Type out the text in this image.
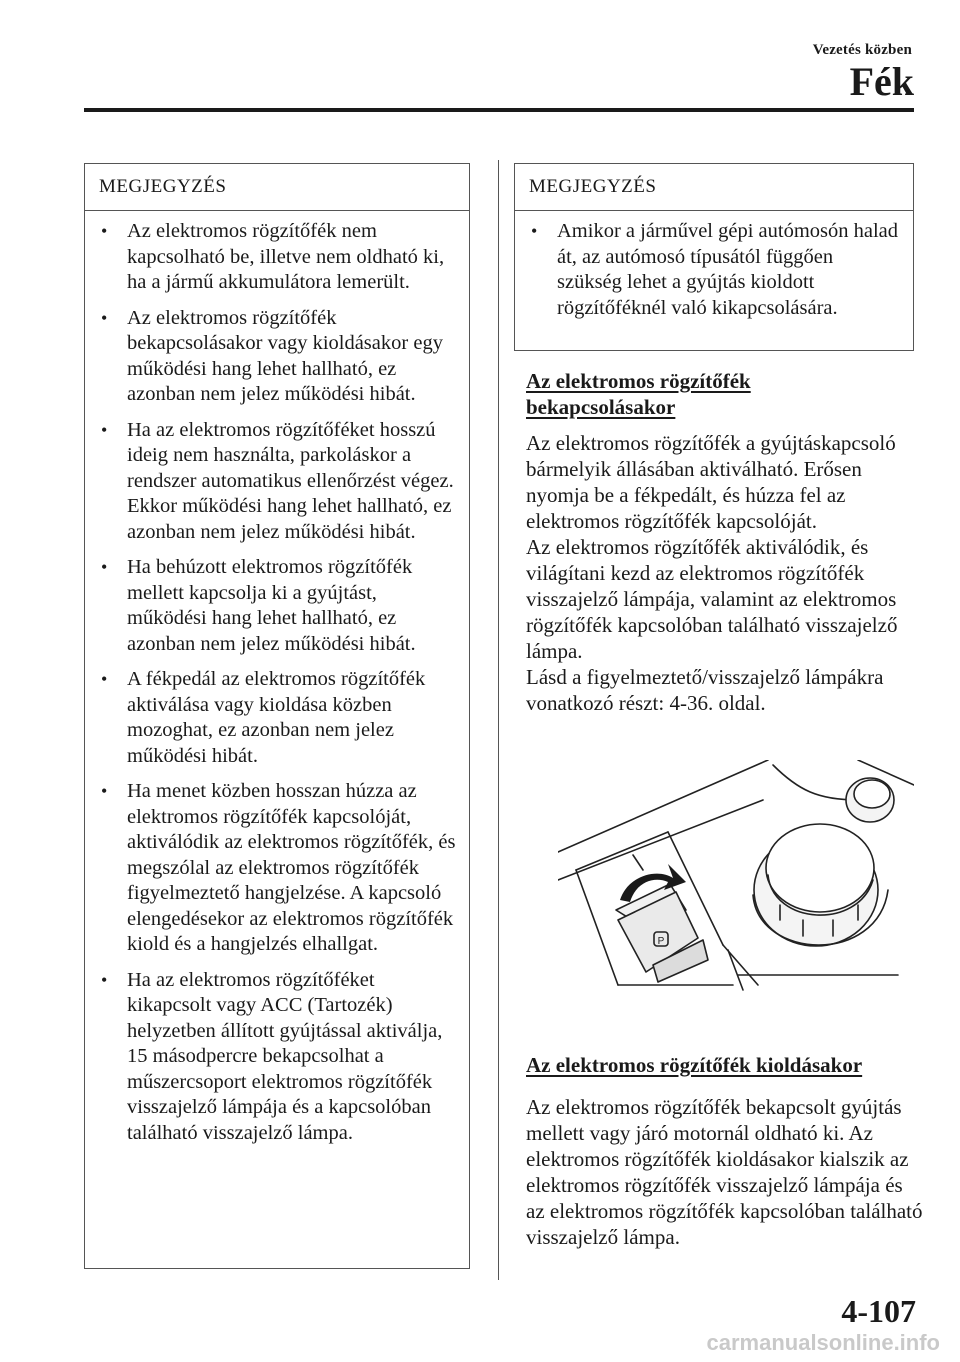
Vezetés közben
Fék
MEGJEGYZÉS
• Az elektromos rögzítőfék nem kapcsolható be, illetve nem oldható ki, ha a jármű akkumulátora lemerült.
• Az elektromos rögzítőfék bekapcsolásakor vagy kioldásakor egy működési hang lehet hallható, ez azonban nem jelez működési hibát.
• Ha az elektromos rögzítőféket hosszú ideig nem használta, parkoláskor a rendszer automatikus ellenőrzést végez. Ekkor működési hang lehet hallható, ez azonban nem jelez működési hibát.
• Ha behúzott elektromos rögzítőfék mellett kapcsolja ki a gyújtást, működési hang lehet hallható, ez azonban nem jelez működési hibát.
• A fékpedál az elektromos rögzítőfék aktiválása vagy kioldása közben mozoghat, ez azonban nem jelez működési hibát.
• Ha menet közben hosszan húzza az elektromos rögzítőfék kapcsolóját, aktiválódik az elektromos rögzítőfék, és megszólal az elektromos rögzítőfék figyelmeztető hangjelzése. A kapcsoló elengedésekor az elektromos rögzítőfék kiold és a hangjelzés elhallgat.
• Ha az elektromos rögzítőféket kikapcsolt vagy ACC (Tartozék) helyzetben állított gyújtással aktiválja, 15 másodpercre bekapcsolhat a műszercsoport elektromos rögzítőfék visszajelző lámpája és a kapcsolóban található visszajelző lámpa.
MEGJEGYZÉS
• Amikor a járművel gépi autómosón halad át, az autómosó típusától függően szükség lehet a gyújtás kioldott rögzítőféknél való kikapcsolására.
Az elektromos rögzítőfék
bekapcsolásakor

Az elektromos rögzítőfék a gyújtáskapcsoló bármelyik állásában aktiválható. Erősen nyomja be a fékpedált, és húzza fel az elektromos rögzítőfék kapcsolóját.

Az elektromos rögzítőfék aktiválódik, és világítani kezd az elektromos rögzítőfék visszajelző lámpája, valamint az elektromos rögzítőfék kapcsolóban található visszajelző lámpa.

Lásd a figyelmeztető/visszajelző lámpákra vonatkozó részt: 4-36. oldal.

P
Az elektromos rögzítőfék kioldásakor

Az elektromos rögzítőfék bekapcsolt gyújtás mellett vagy járó motornál oldható ki. Az elektromos rögzítőfék kioldásakor kialszik az elektromos rögzítőfék visszajelző lámpája és az elektromos rögzítőfék kapcsolóban található visszajelző lámpa.

4-107
carmanualsonline.info
